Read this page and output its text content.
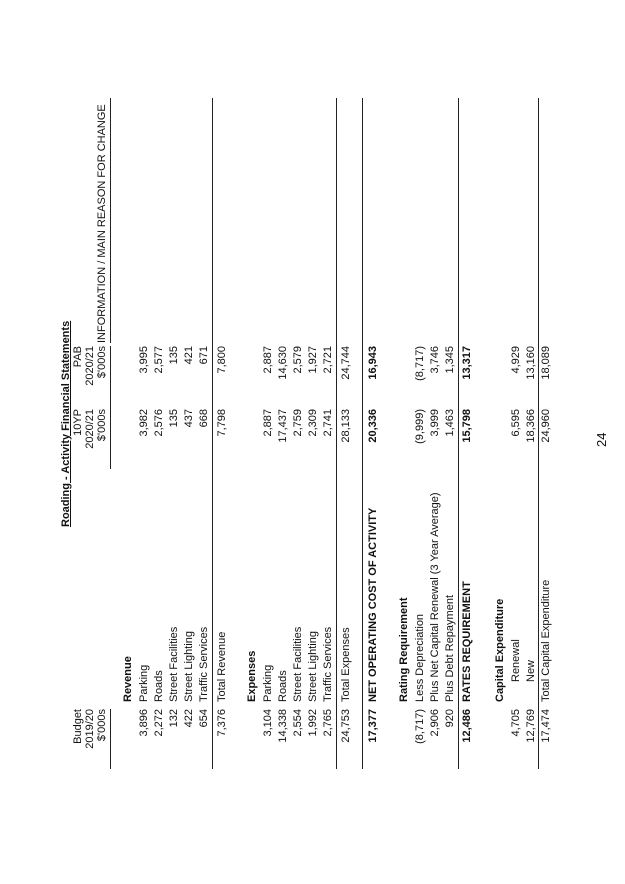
Roading - Activity Financial Statements
Budget 2019/20 $'000s
10YP 2020/21 $'000s
PAB 2020/21 $'000s
INFORMATION / MAIN REASON FOR CHANGE
Revenue
3,896
Parking
3,982
3,995
2,272
Roads
2,576
2,577
132
Street Facilities
135
135
422
Street Lighting
437
421
654
Traffic Services
668
671
7,376
Total Revenue
7,798
7,800
Expenses
3,104
Parking
2,887
2,887
14,338
Roads
17,437
14,630
2,554
Street Facilities
2,759
2,579
1,992
Street Lighting
2,309
1,927
2,765
Traffic Services
2,741
2,721
24,753
Total Expenses
28,133
24,744
17,377
NET OPERATING COST OF ACTIVITY
20,336
16,943
Rating Requirement
(8,717)
Less Depreciation
(9,999)
(8,717)
2,906
Plus Net Capital Renewal (3 Year Average)
3,999
3,746
920
Plus Debt Repayment
1,463
1,345
12,486
RATES REQUIREMENT
15,798
13,317
Capital Expenditure
4,705
Renewal
6,595
4,929
12,769
New
18,366
13,160
17,474
Total Capital Expenditure
24,960
18,089
24
